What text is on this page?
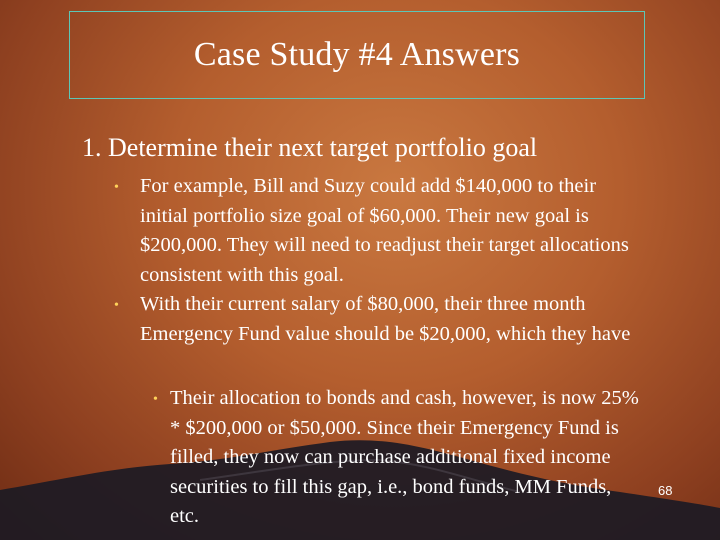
Case Study #4 Answers
1. Determine their next target portfolio goal
• For example, Bill and Suzy could add $140,000 to their initial portfolio size goal of $60,000. Their new goal is $200,000. They will need to readjust their target allocations consistent with this goal.
• With their current salary of $80,000, their three month Emergency Fund value should be $20,000, which they have
• Their allocation to bonds and cash, however, is now 25% * $200,000 or $50,000. Since their Emergency Fund is filled, they now can purchase additional fixed income securities to fill this gap, i.e., bond funds, MM Funds, etc.
68
